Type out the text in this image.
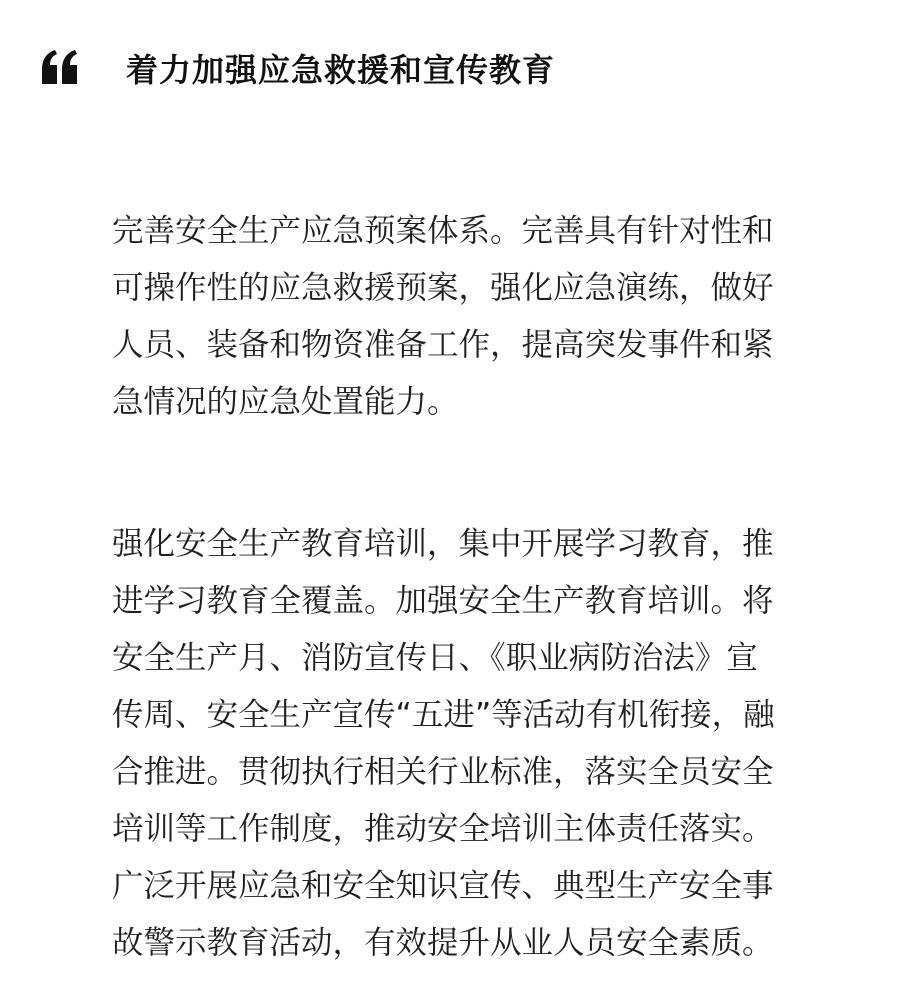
着力加强应急救援和宣传教育

完善安全生产应急预案体系。完善具有针对性和
可操作性的应急救援预案，强化应急演练，做好
人员、装备和物资准备工作，提高突发事件和紧
急情况的应急处置能力。

强化安全生产教育培训，集中开展学习教育，推
进学习教育全覆盖。加强安全生产教育培训。将
安全生产月、消防宣传日、《职业病防治法》宣
传周、安全生产宣传“五进”等活动有机衔接，融
合推进。贯彻执行相关行业标准，落实全员安全
培训等工作制度，推动安全培训主体责任落实。
广泛开展应急和安全知识宣传、典型生产安全事
故警示教育活动，有效提升从业人员安全素质。
